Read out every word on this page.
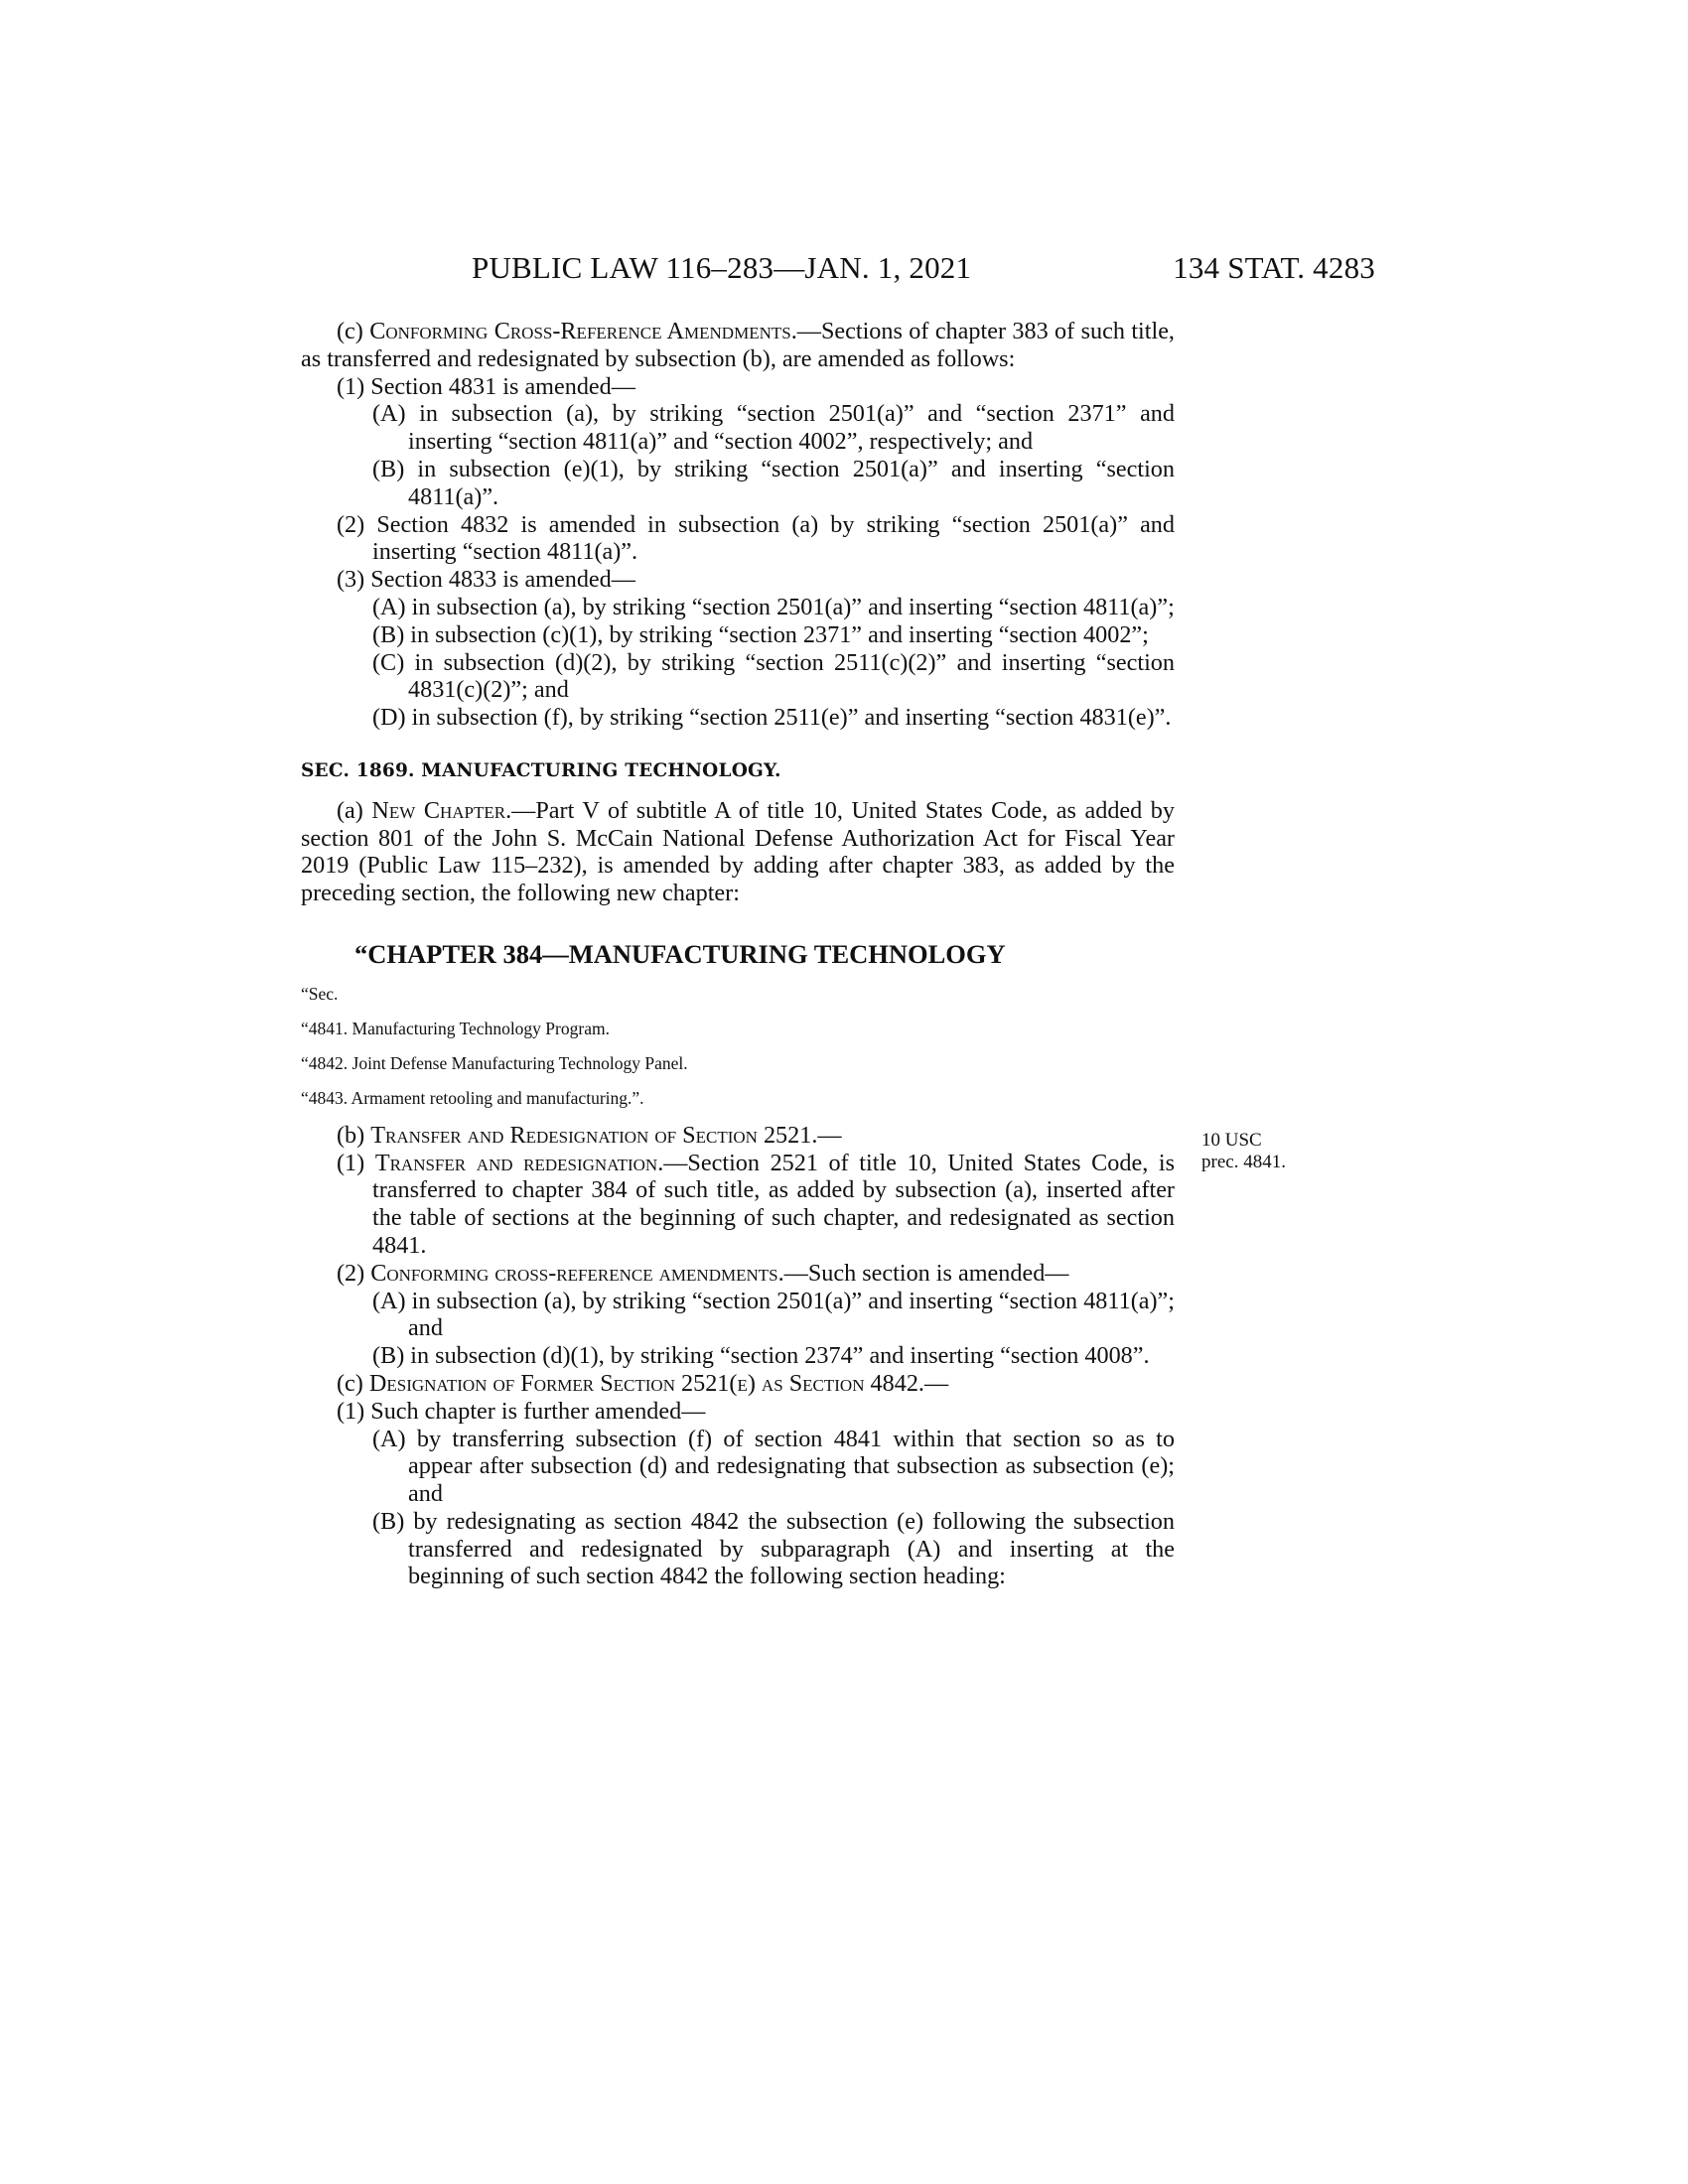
PUBLIC LAW 116–283—JAN. 1, 2021	134 STAT. 4283
10 USC
prec. 4841.

(c) Conforming Cross-Reference Amendments.—Sections of chapter 383 of such title, as transferred and redesignated by subsection (b), are amended as follows:

(1) Section 4831 is amended—

(A) in subsection (a), by striking “section 2501(a)” and “section 2371” and inserting “section 4811(a)” and “section 4002”, respectively; and

(B) in subsection (e)(1), by striking “section 2501(a)” and inserting “section 4811(a)”.

(2) Section 4832 is amended in subsection (a) by striking “section 2501(a)” and inserting “section 4811(a)”.

(3) Section 4833 is amended—

(A) in subsection (a), by striking “section 2501(a)” and inserting “section 4811(a)”;

(B) in subsection (c)(1), by striking “section 2371” and inserting “section 4002”;

(C) in subsection (d)(2), by striking “section 2511(c)(2)” and inserting “section 4831(c)(2)”; and

(D) in subsection (f), by striking “section 2511(e)” and inserting “section 4831(e)”.

SEC. 1869. MANUFACTURING TECHNOLOGY.

(a) New Chapter.—Part V of subtitle A of title 10, United States Code, as added by section 801 of the John S. McCain National Defense Authorization Act for Fiscal Year 2019 (Public Law 115–232), is amended by adding after chapter 383, as added by the preceding section, the following new chapter:

“CHAPTER 384—MANUFACTURING TECHNOLOGY

“Sec.

“4841. Manufacturing Technology Program.

“4842. Joint Defense Manufacturing Technology Panel.

“4843. Armament retooling and manufacturing.”.

(b) Transfer and Redesignation of Section 2521.—

(1) Transfer and redesignation.—Section 2521 of title 10, United States Code, is transferred to chapter 384 of such title, as added by subsection (a), inserted after the table of sections at the beginning of such chapter, and redesignated as section 4841.

(2) Conforming cross-reference amendments.—Such section is amended—

(A) in subsection (a), by striking “section 2501(a)” and inserting “section 4811(a)”; and

(B) in subsection (d)(1), by striking “section 2374” and inserting “section 4008”.

(c) Designation of Former Section 2521(e) as Section 4842.—

(1) Such chapter is further amended—

(A) by transferring subsection (f) of section 4841 within that section so as to appear after subsection (d) and redesignating that subsection as subsection (e); and

(B) by redesignating as section 4842 the subsection (e) following the subsection transferred and redesignated by subparagraph (A) and inserting at the beginning of such section 4842 the following section heading:
